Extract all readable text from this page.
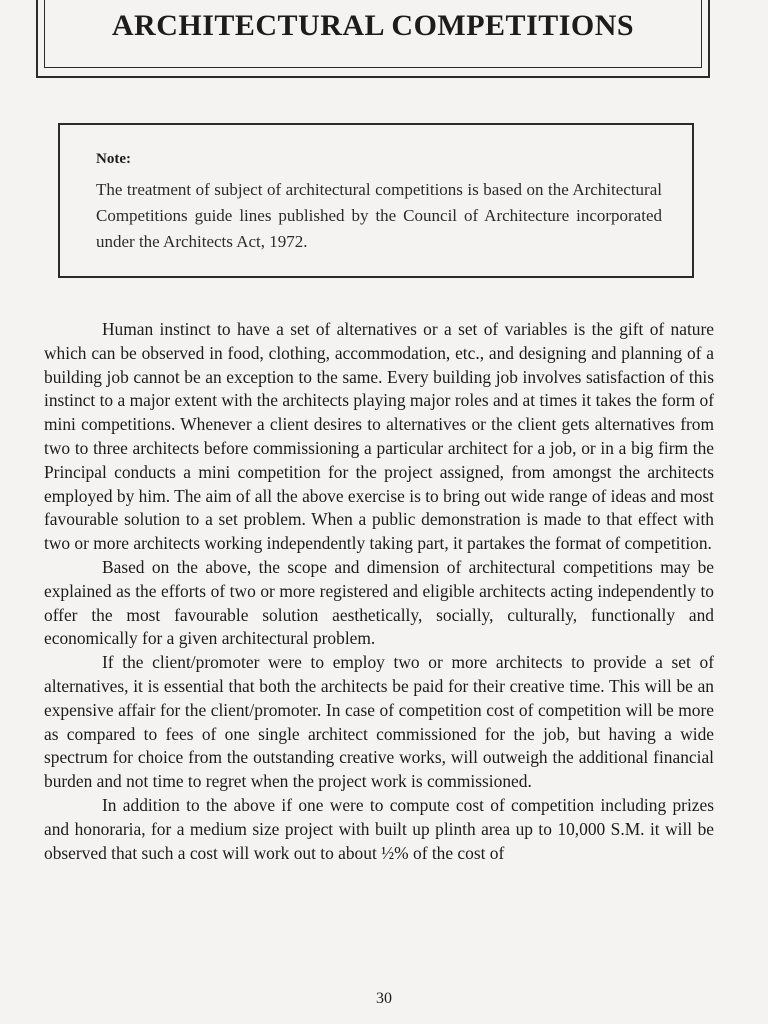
ARCHITECTURAL COMPETITIONS

Note:

The treatment of subject of architectural competitions is based on the Architectural Competitions guide lines published by the Council of Architecture incorporated under the Architects Act, 1972.

Human instinct to have a set of alternatives or a set of variables is the gift of nature which can be observed in food, clothing, accommodation, etc., and designing and planning of a building job cannot be an exception to the same. Every building job involves satisfaction of this instinct to a major extent with the architects playing major roles and at times it takes the form of mini competitions. Whenever a client desires to alternatives or the client gets alternatives from two to three architects before commissioning a particular architect for a job, or in a big firm the Principal conducts a mini competition for the project assigned, from amongst the architects employed by him. The aim of all the above exercise is to bring out wide range of ideas and most favourable solution to a set problem. When a public demonstration is made to that effect with two or more architects working independently taking part, it partakes the format of competition.

Based on the above, the scope and dimension of architectural competitions may be explained as the efforts of two or more registered and eligible architects acting independently to offer the most favourable solution aesthetically, socially, culturally, functionally and economically for a given architectural problem.

If the client/promoter were to employ two or more architects to provide a set of alternatives, it is essential that both the architects be paid for their creative time. This will be an expensive affair for the client/promoter. In case of competition cost of competition will be more as compared to fees of one single architect commissioned for the job, but having a wide spectrum for choice from the outstanding creative works, will outweigh the additional financial burden and not time to regret when the project work is commissioned.

In addition to the above if one were to compute cost of competition including prizes and honoraria, for a medium size project with built up plinth area up to 10,000 S.M. it will be observed that such a cost will work out to about ½% of the cost of

30
